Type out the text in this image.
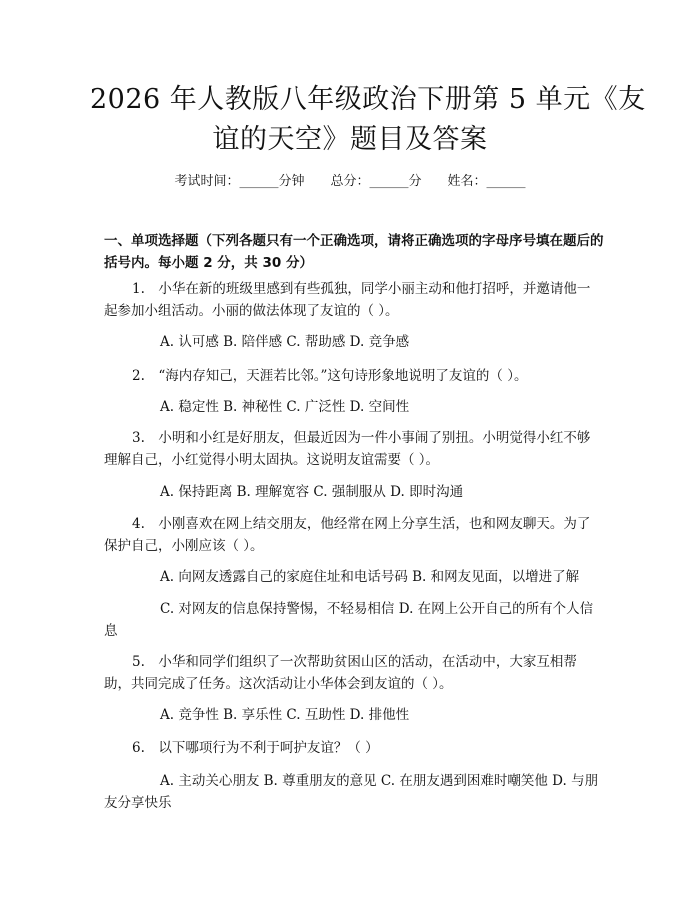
2026 年人教版八年级政治下册第 5 单元《友
谊的天空》题目及答案
考试时间：______分钟 总分：______分 姓名：______
一、单项选择题（下列各题只有一个正确选项，请将正确选项的字母序号填在题后的括号内。每小题 2 分，共 30 分）
1.　小华在新的班级里感到有些孤独，同学小丽主动和他打招呼，并邀请他一起参加小组活动。小丽的做法体现了友谊的（ ）。
A. 认可感 B. 陪伴感 C. 帮助感 D. 竞争感
2.　“海内存知己，天涯若比邻。”这句诗形象地说明了友谊的（ ）。
A. 稳定性 B. 神秘性 C. 广泛性 D. 空间性
3.　小明和小红是好朋友，但最近因为一件小事闹了别扭。小明觉得小红不够理解自己，小红觉得小明太固执。这说明友谊需要（ ）。
A. 保持距离 B. 理解宽容 C. 强制服从 D. 即时沟通
4.　小刚喜欢在网上结交朋友，他经常在网上分享生活，也和网友聊天。为了保护自己，小刚应该（ ）。
A. 向网友透露自己的家庭住址和电话号码 B. 和网友见面，以增进了解
C. 对网友的信息保持警惕，不轻易相信 D. 在网上公开自己的所有个人信息
5.　小华和同学们组织了一次帮助贫困山区的活动，在活动中，大家互相帮助，共同完成了任务。这次活动让小华体会到友谊的（ ）。
A. 竞争性 B. 享乐性 C. 互助性 D. 排他性
6.　以下哪项行为不利于呵护友谊？（ ）
A. 主动关心朋友 B. 尊重朋友的意见 C. 在朋友遇到困难时嘲笑他 D. 与朋友分享快乐
